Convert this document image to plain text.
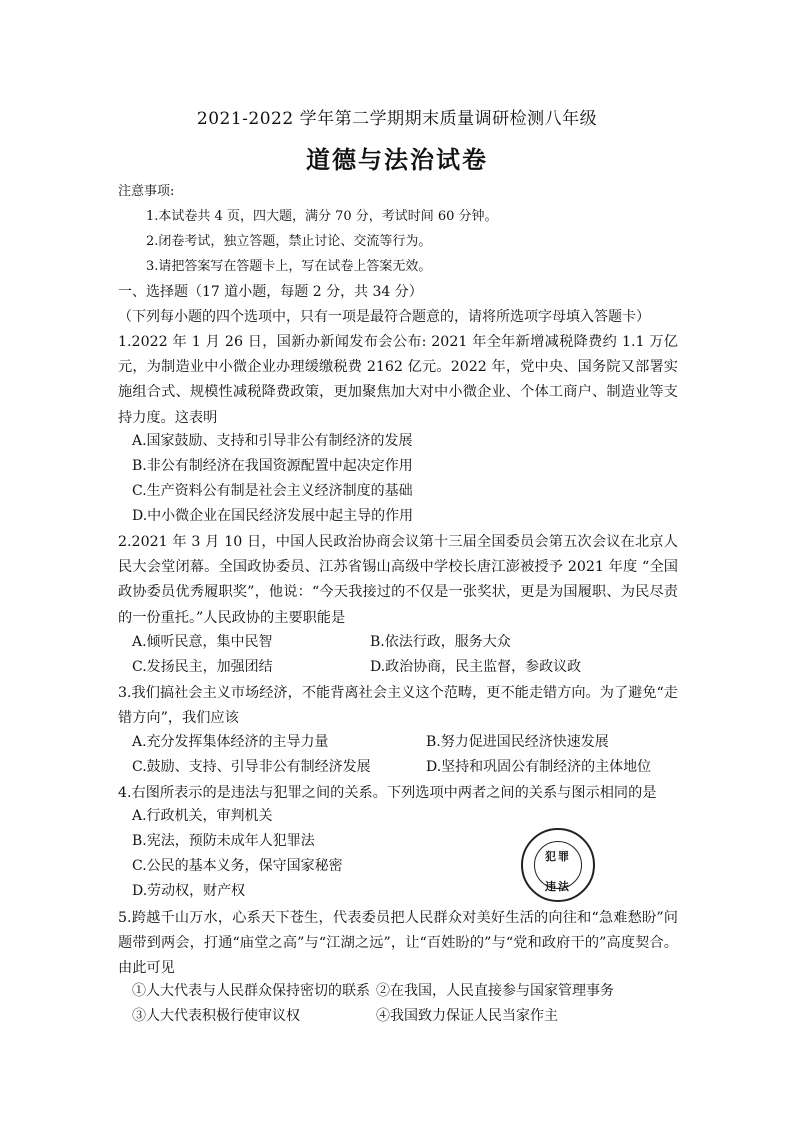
2021-2022 学年第二学期期末质量调研检测八年级
道德与法治试卷
注意事项:
1.本试卷共 4 页，四大题，满分 70 分，考试时间 60 分钟。
2.闭卷考试，独立答题，禁止讨论、交流等行为。
3.请把答案写在答题卡上，写在试卷上答案无效。
一、选择题（17 道小题，每题 2 分，共 34 分）
（下列每小题的四个选项中，只有一项是最符合题意的，请将所选项字母填入答题卡）
1.2022 年 1 月 26 日，国新办新闻发布会公布: 2021 年全年新增减税降费约 1.1 万亿元，为制造业中小微企业办理缓缴税费 2162 亿元。2022 年，党中央、国务院又部署实施组合式、规模性减税降费政策，更加聚焦加大对中小微企业、个体工商户、制造业等支持力度。这表明
A.国家鼓励、支持和引导非公有制经济的发展
B.非公有制经济在我国资源配置中起决定作用
C.生产资料公有制是社会主义经济制度的基础
D.中小微企业在国民经济发展中起主导的作用
2.2021 年 3 月 10 日，中国人民政治协商会议第十三届全国委员会第五次会议在北京人民大会堂闭幕。全国政协委员、江苏省锡山高级中学校长唐江澎被授予 2021 年度 “全国政协委员优秀履职奖”，他说：“今天我接过的不仅是一张奖状，更是为国履职、为民尽责的一份重托。”人民政协的主要职能是
A.倾听民意，集中民智	B.依法行政，服务大众
C.发扬民主，加强团结	D.政治协商，民主监督，参政议政
3.我们搞社会主义市场经济，不能背离社会主义这个范畴，更不能走错方向。为了避免“走错方向”，我们应该
A.充分发挥集体经济的主导力量	B.努力促进国民经济快速发展
C.鼓励、支持、引导非公有制经济发展	D.坚持和巩固公有制经济的主体地位
4.右图所表示的是违法与犯罪之间的关系。下列选项中两者之间的关系与图示相同的是
A.行政机关，审判机关
B.宪法，预防未成年人犯罪法
C.公民的基本义务，保守国家秘密
D.劳动权，财产权
犯罪
违法
5.跨越千山万水，心系天下苍生，代表委员把人民群众对美好生活的向往和“急难愁盼”问题带到两会，打通“庙堂之高”与“江湖之远”，让“百姓盼的”与“党和政府干的”高度契合。由此可见
①人大代表与人民群众保持密切的联系 ②在我国，人民直接参与国家管理事务
③人大代表积极行使审议权	④我国致力保证人民当家作主
